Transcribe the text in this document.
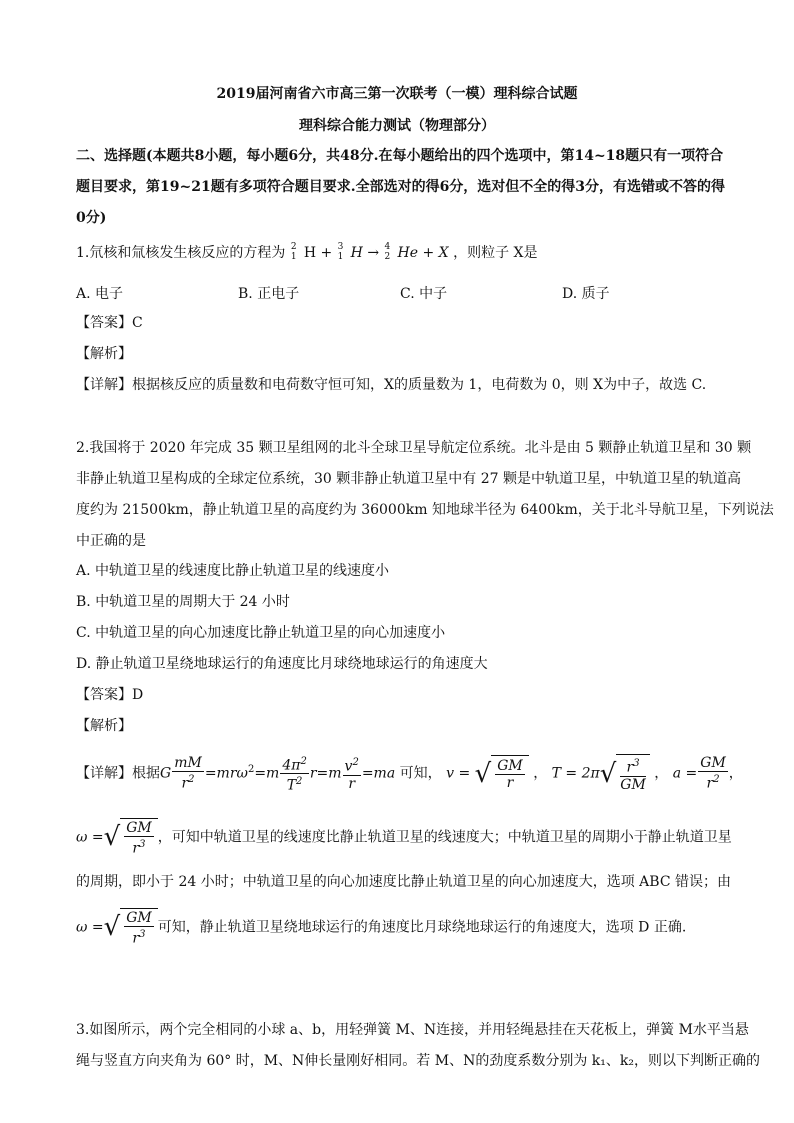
2019届河南省六市高三第一次联考（一模）理科综合试题
理科综合能力测试（物理部分）
二、选择题(本题共8小题，每小题6分，共48分.在每小题给出的四个选项中，第14~18题只有一项符合
题目要求，第19~21题有多项符合题目要求.全部选对的得6分，选对但不全的得3分，有选错或不答的得
0分)
1.氘核和氚核发生核反应的方程为 2
1 H + 3
1 H → 4
2 He + X ，则粒子 X是
A. 电子	B. 正电子	C. 中子	D. 质子
【答案】C
【解析】
【详解】根据核反应的质量数和电荷数守恒可知，X的质量数为 1，电荷数为 0，则 X为中子，故选 C.
2.我国将于 2020 年完成 35 颗卫星组网的北斗全球卫星导航定位系统。北斗是由 5 颗静止轨道卫星和 30 颗
非静止轨道卫星构成的全球定位系统，30 颗非静止轨道卫星中有 27 颗是中轨道卫星，中轨道卫星的轨道高
度约为 21500km，静止轨道卫星的高度约为 36000km 知地球半径为 6400km，关于北斗导航卫星，下列说法
中正确的是
A. 中轨道卫星的线速度比静止轨道卫星的线速度小
B. 中轨道卫星的周期大于 24 小时
C. 中轨道卫星的向心加速度比静止轨道卫星的向心加速度小
D. 静止轨道卫星绕地球运行的角速度比月球绕地球运行的角速度大
【答案】D
【解析】
【详解】根据G $\frac{mM}{r^2} =mr\omega^2=m \frac{4\pi^2}{T^2} r=m \frac{v^2}{r} =ma$ 可知， v = √ $\frac{GM}{r}$ ， $T = 2\pi√ \frac{r^3}{GM}$ ， $a = \frac{GM}{r^2}$ ，
ω =√ $\frac{GM}{r^3}$ ，可知中轨道卫星的线速度比静止轨道卫星的线速度大；中轨道卫星的周期小于静止轨道卫星
的周期，即小于 24 小时；中轨道卫星的向心加速度比静止轨道卫星的向心加速度大，选项 ABC 错误；由
ω =√ $\frac{GM}{r^3}$ 可知，静止轨道卫星绕地球运行的角速度比月球绕地球运行的角速度大，选项 D 正确.
3.如图所示，两个完全相同的小球 a、b，用轻弹簧 M、N连接，并用轻绳悬挂在天花板上，弹簧 M水平当悬
绳与竖直方向夹角为 60° 时，M、N伸长量刚好相同。若 M、N的劲度系数分别为 k₁、k₂，则以下判断正确的
